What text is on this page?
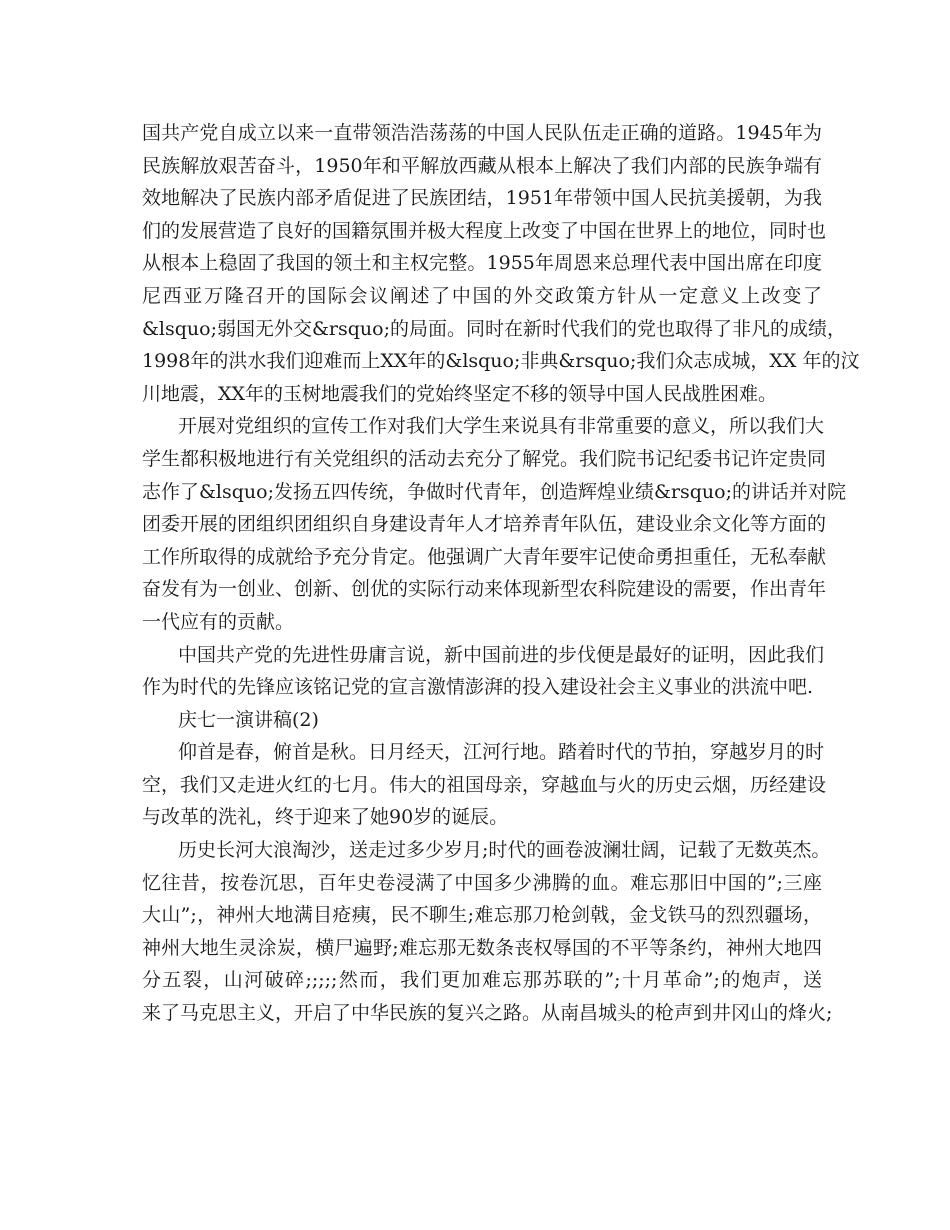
国共产党自成立以来一直带领浩浩荡荡的中国人民队伍走正确的道路。1945年为
民族解放艰苦奋斗，1950年和平解放西藏从根本上解决了我们内部的民族争端有
效地解决了民族内部矛盾促进了民族团结，1951年带领中国人民抗美援朝，为我
们的发展营造了良好的国籍氛围并极大程度上改变了中国在世界上的地位，同时也
从根本上稳固了我国的领土和主权完整。1955年周恩来总理代表中国出席在印度
尼西亚万隆召开的国际会议阐述了中国的外交政策方针从一定意义上改变了
&lsquo;弱国无外交&rsquo;的局面。同时在新时代我们的党也取得了非凡的成绩，
1998年的洪水我们迎难而上XX年的&lsquo;非典&rsquo;我们众志成城，XX 年的汶
川地震，XX年的玉树地震我们的党始终坚定不移的领导中国人民战胜困难。
开展对党组织的宣传工作对我们大学生来说具有非常重要的意义，所以我们大
学生都积极地进行有关党组织的活动去充分了解党。我们院书记纪委书记许定贵同
志作了&lsquo;发扬五四传统，争做时代青年，创造辉煌业绩&rsquo;的讲话并对院
团委开展的团组织团组织自身建设青年人才培养青年队伍，建设业余文化等方面的
工作所取得的成就给予充分肯定。他强调广大青年要牢记使命勇担重任，无私奉献
奋发有为一创业、创新、创优的实际行动来体现新型农科院建设的需要，作出青年
一代应有的贡献。
中国共产党的先进性毋庸言说，新中国前进的步伐便是最好的证明，因此我们
作为时代的先锋应该铭记党的宣言激情澎湃的投入建设社会主义事业的洪流中吧.
庆七一演讲稿(2)
仰首是春，俯首是秋。日月经天，江河行地。踏着时代的节拍，穿越岁月的时
空，我们又走进火红的七月。伟大的祖国母亲，穿越血与火的历史云烟，历经建设
与改革的洗礼，终于迎来了她90岁的诞辰。
历史长河大浪淘沙，送走过多少岁月;时代的画卷波澜壮阔，记载了无数英杰。
忆往昔，按卷沉思，百年史卷浸满了中国多少沸腾的血。难忘那旧中国的”;三座
大山”;，神州大地满目疮痍，民不聊生;难忘那刀枪剑戟，金戈铁马的烈烈疆场，
神州大地生灵涂炭，横尸遍野;难忘那无数条丧权辱国的不平等条约，神州大地四
分五裂，山河破碎;;;;;然而，我们更加难忘那苏联的”;十月革命”;的炮声，送
来了马克思主义，开启了中华民族的复兴之路。从南昌城头的枪声到井冈山的烽火;
